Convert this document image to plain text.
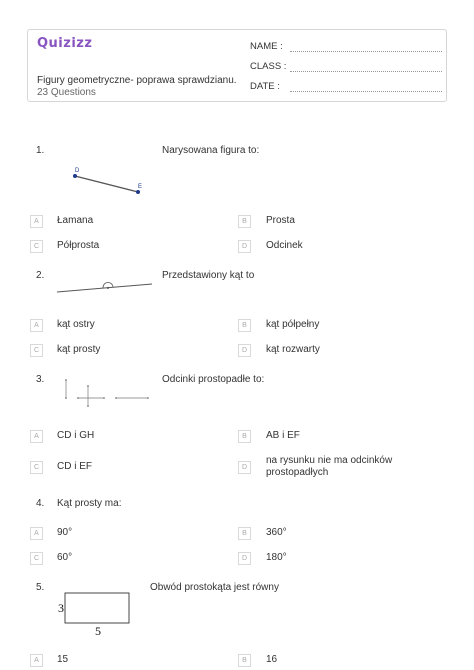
Quizizz
Figury geometryczne- poprawa sprawdzianu.
23 Questions
NAME :
CLASS :
DATE :
1.	Narysowana figura to:
D
E
A	Łamana	B	Prosta
C	Półprosta	D	Odcinek
2.	Przedstawiony kąt to
A	kąt ostry	B	kąt półpełny
C	kąt prosty	D	kąt rozwarty
3.	Odcinki prostopadłe to:
A	CD i GH	B	AB i EF
C	CD i EF	D
na rysunku nie ma odcinków prostopadłych
4. Kąt prosty ma:
A	90°	B	360°
C	60°	D	180°
5.	Obwód prostokąta jest równy
3
5
A	15	B	16
